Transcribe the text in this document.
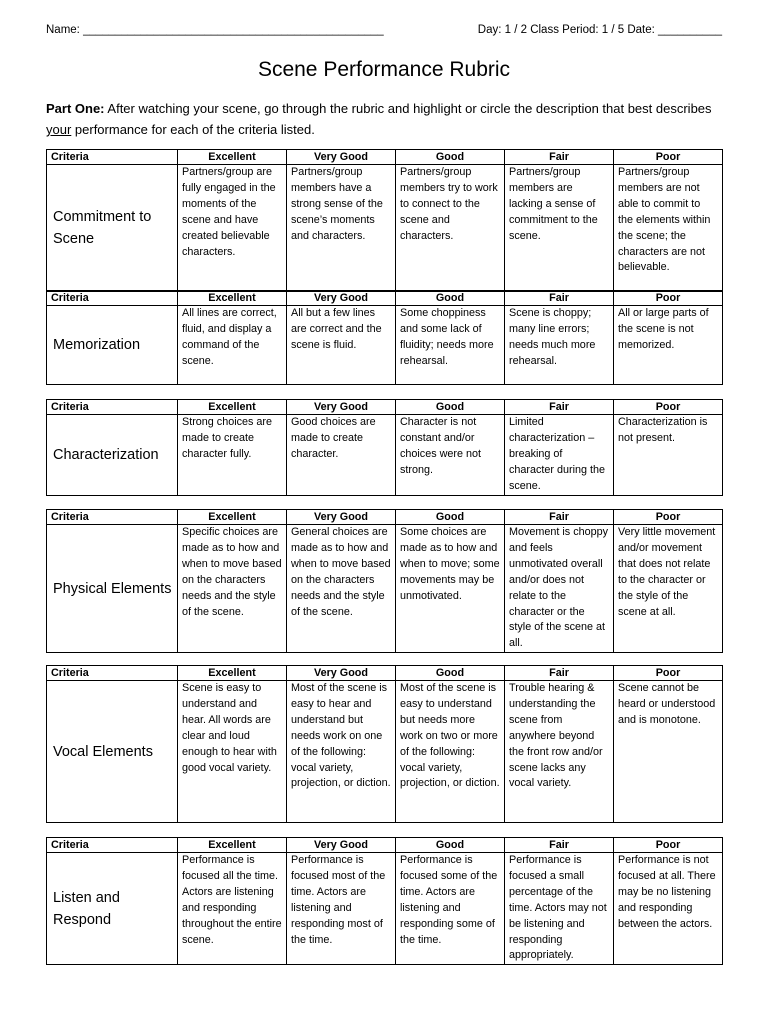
Name: _______________________________________________	Day: 1 / 2 Class Period: 1 / 5 Date: __________
Scene Performance Rubric
Part One: After watching your scene, go through the rubric and highlight or circle the description that best describes your performance for each of the criteria listed.
Criteria	Excellent	Very Good	Good	Fair	Poor
Commitment to Scene	Partners/group are fully engaged in the moments of the scene and have created believable characters.	Partners/group members have a strong sense of the scene’s moments and characters.	Partners/group members try to work to connect to the scene and characters.	Partners/group members are lacking a sense of commitment to the scene.	Partners/group members are not able to commit to the elements within the scene; the characters are not believable.
Criteria	Excellent	Very Good	Good	Fair	Poor
Memorization	All lines are correct, fluid, and display a command of the scene.	All but a few lines are correct and the scene is fluid.	Some choppiness and some lack of fluidity; needs more rehearsal.	Scene is choppy; many line errors; needs much more rehearsal.	All or large parts of the scene is not memorized.
Criteria	Excellent	Very Good	Good	Fair	Poor
Characterization	Strong choices are made to create character fully.	Good choices are made to create character.	Character is not constant and/or choices were not strong.	Limited characterization – breaking of character during the scene.	Characterization is not present.
Criteria	Excellent	Very Good	Good	Fair	Poor
Physical Elements	Specific choices are made as to how and when to move based on the characters needs and the style of the scene.	General choices are made as to how and when to move based on the characters needs and the style of the scene.	Some choices are made as to how and when to move; some movements may be unmotivated.	Movement is choppy and feels unmotivated overall and/or does not relate to the character or the style of the scene at all.	Very little movement and/or movement that does not relate to the character or the style of the scene at all.
Criteria	Excellent	Very Good	Good	Fair	Poor
Vocal Elements	Scene is easy to understand and hear. All words are clear and loud enough to hear with good vocal variety.	Most of the scene is easy to hear and understand but needs work on one of the following: vocal variety, projection, or diction.	Most of the scene is easy to understand but needs more work on two or more of the following: vocal variety, projection, or diction.	Trouble hearing & understanding the scene from anywhere beyond the front row and/or scene lacks any vocal variety.	Scene cannot be heard or understood and is monotone.
Criteria	Excellent	Very Good	Good	Fair	Poor
Listen and Respond	Performance is focused all the time. Actors are listening and responding throughout the entire scene.	Performance is focused most of the time. Actors are listening and responding most of the time.	Performance is focused some of the time. Actors are listening and responding some of the time.	Performance is focused a small percentage of the time. Actors may not be listening and responding appropriately.	Performance is not focused at all. There may be no listening and responding between the actors.
